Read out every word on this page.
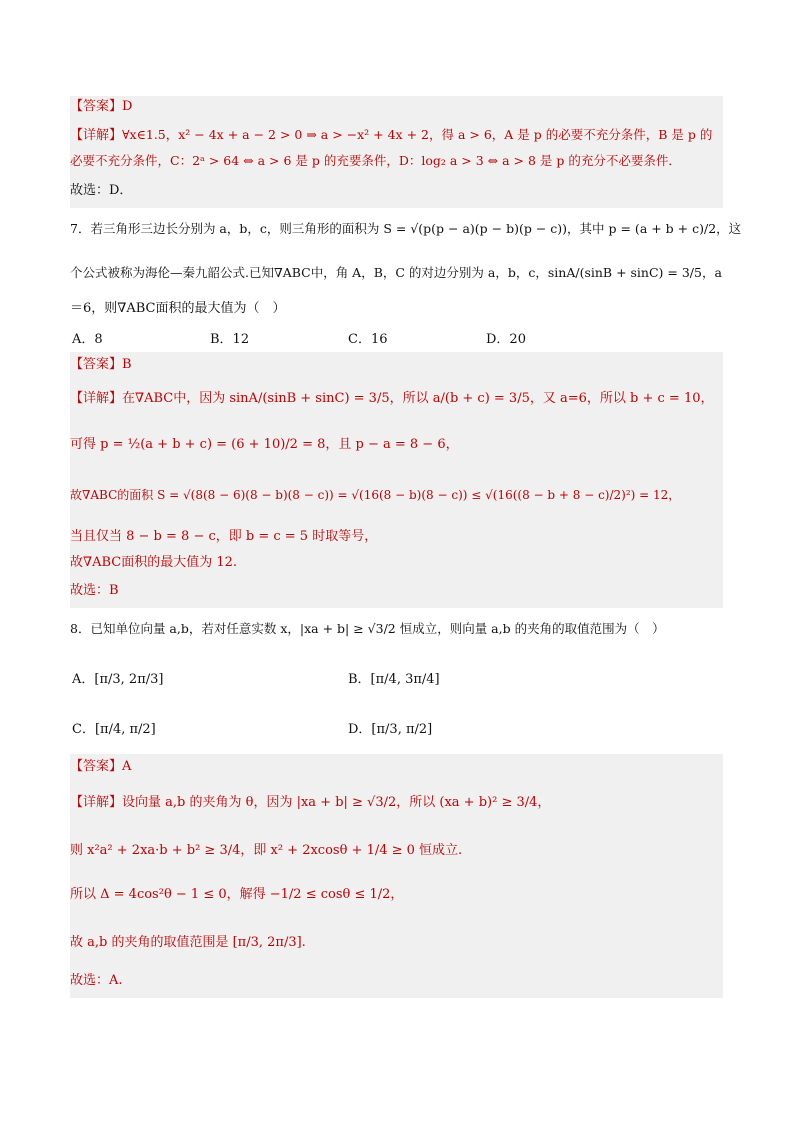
【答案】D
【详解】∀x∈1.5，x² − 4x + a − 2 > 0 ⇒ a > −x² + 4x + 2，得 a > 6，A 是 p 的必要不充分条件，B 是 p 的
必要不充分条件，C：2ᵃ > 64 ⇔ a > 6 是 p 的充要条件，D：log₂ a > 3 ⇔ a > 8 是 p 的充分不必要条件．
故选：D．
7．若三角形三边长分别为 a，b，c，则三角形的面积为 S = √(p(p − a)(p − b)(p − c))，其中 p = (a + b + c)/2，这
个公式被称为海伦—秦九韶公式.已知∇ABC中，角 A，B，C 的对边分别为 a，b，c，sinA/(sinB + sinC) = 3/5，a
＝6，则∇ABC面积的最大值为（　）
A．8	B．12	C．16	D．20
【答案】B
【详解】在∇ABC中，因为 sinA/(sinB + sinC) = 3/5，所以 a/(b + c) = 3/5，又 a=6，所以 b + c = 10，
可得 p = ½(a + b + c) = (6 + 10)/2 = 8，且 p − a = 8 − 6，
故∇ABC的面积 S = √(8(8 − 6)(8 − b)(8 − c)) = √(16(8 − b)(8 − c)) ≤ √(16((8 − b + 8 − c)/2)²) = 12，
当且仅当 8 − b = 8 − c，即 b = c = 5 时取等号，
故∇ABC面积的最大值为 12.
故选：B
8．已知单位向量 a,b，若对任意实数 x，|xa + b| ≥ √3/2 恒成立，则向量 a,b 的夹角的取值范围为（　）
A．[π/3, 2π/3]	B．[π/4, 3π/4]
C．[π/4, π/2]	D．[π/3, π/2]
【答案】A
【详解】设向量 a,b 的夹角为 θ，因为 |xa + b| ≥ √3/2，所以 (xa + b)² ≥ 3/4，
则 x²a² + 2xa·b + b² ≥ 3/4，即 x² + 2xcosθ + 1/4 ≥ 0 恒成立.
所以 Δ = 4cos²θ − 1 ≤ 0，解得 −1/2 ≤ cosθ ≤ 1/2，
故 a,b 的夹角的取值范围是 [π/3, 2π/3].
故选：A.
